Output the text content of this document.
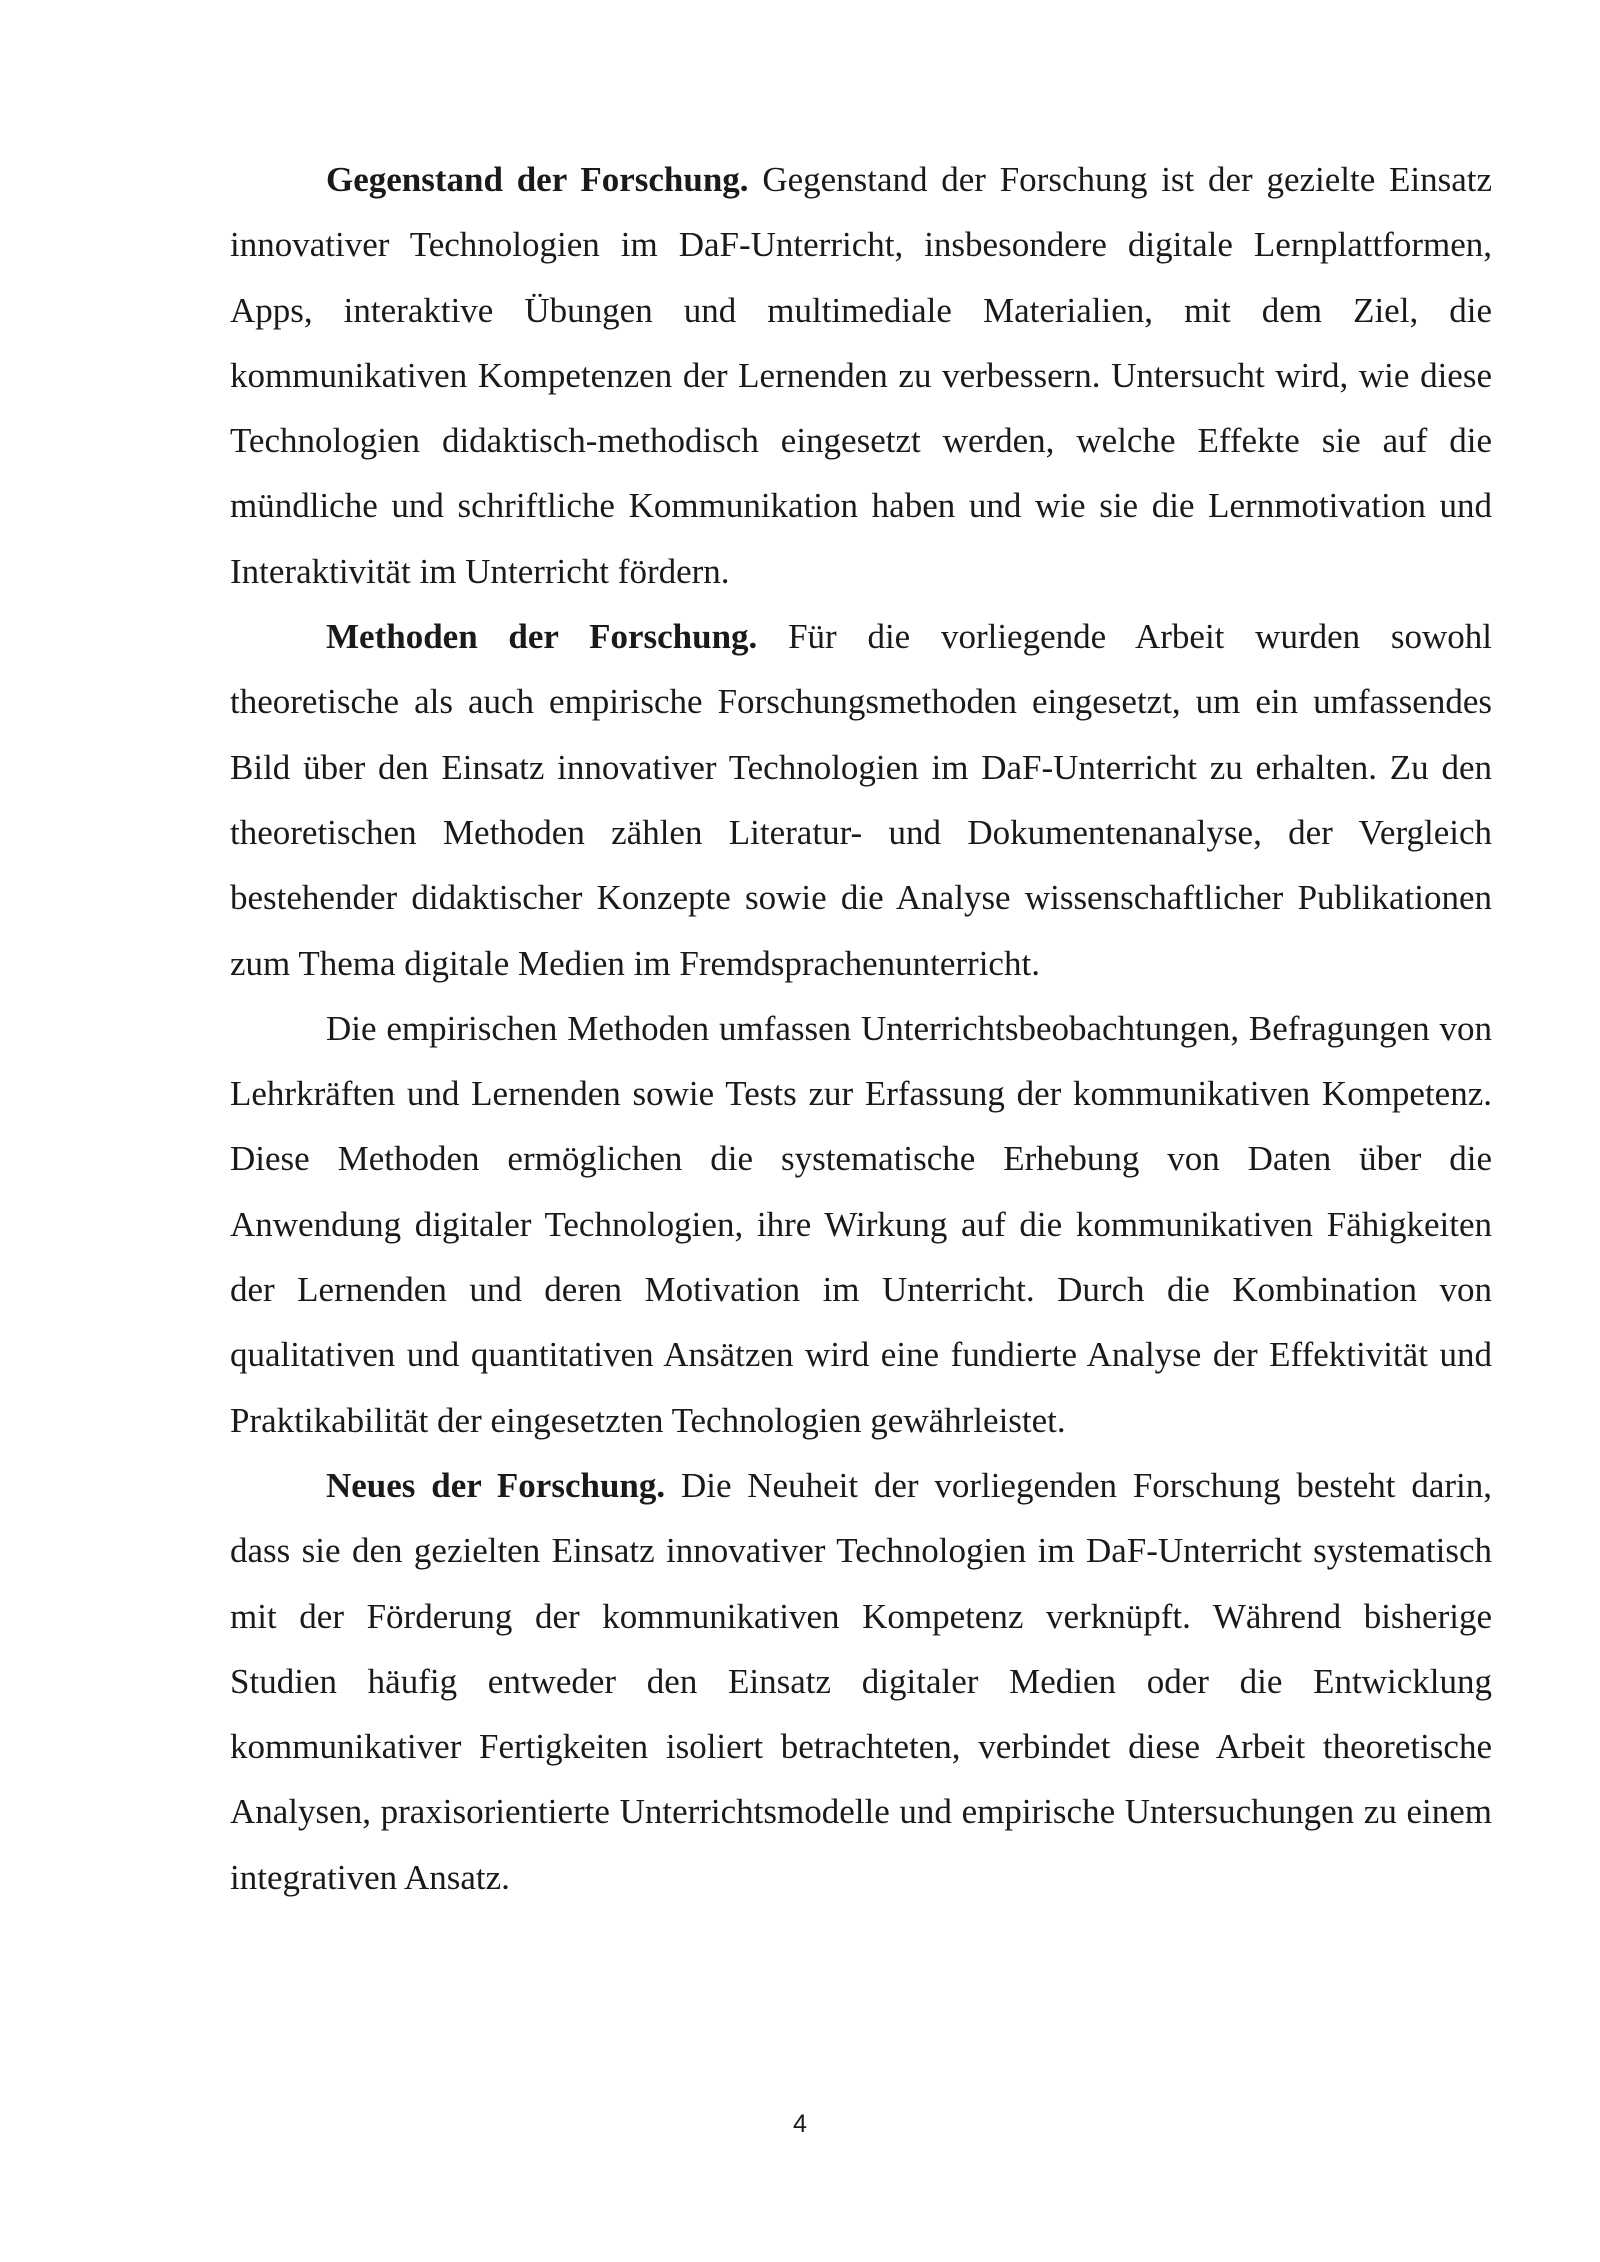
Gegenstand der Forschung. Gegenstand der Forschung ist der gezielte Einsatz innovativer Technologien im DaF-Unterricht, insbesondere digitale Lernplattformen, Apps, interaktive Übungen und multimediale Materialien, mit dem Ziel, die kommunikativen Kompetenzen der Lernenden zu verbessern. Untersucht wird, wie diese Technologien didaktisch-methodisch eingesetzt werden, welche Effekte sie auf die mündliche und schriftliche Kommunikation haben und wie sie die Lernmotivation und Interaktivität im Unterricht fördern.

Methoden der Forschung. Für die vorliegende Arbeit wurden sowohl theoretische als auch empirische Forschungsmethoden eingesetzt, um ein umfassendes Bild über den Einsatz innovativer Technologien im DaF-Unterricht zu erhalten. Zu den theoretischen Methoden zählen Literatur- und Dokumentenanalyse, der Vergleich bestehender didaktischer Konzepte sowie die Analyse wissenschaftlicher Publikationen zum Thema digitale Medien im Fremdsprachenunterricht.

Die empirischen Methoden umfassen Unterrichtsbeobachtungen, Befragungen von Lehrkräften und Lernenden sowie Tests zur Erfassung der kommunikativen Kompetenz. Diese Methoden ermöglichen die systematische Erhebung von Daten über die Anwendung digitaler Technologien, ihre Wirkung auf die kommunikativen Fähigkeiten der Lernenden und deren Motivation im Unterricht. Durch die Kombination von qualitativen und quantitativen Ansätzen wird eine fundierte Analyse der Effektivität und Praktikabilität der eingesetzten Technologien gewährleistet.

Neues der Forschung. Die Neuheit der vorliegenden Forschung besteht darin, dass sie den gezielten Einsatz innovativer Technologien im DaF-Unterricht systematisch mit der Förderung der kommunikativen Kompetenz verknüpft. Während bisherige Studien häufig entweder den Einsatz digitaler Medien oder die Entwicklung kommunikativer Fertigkeiten isoliert betrachteten, verbindet diese Arbeit theoretische Analysen, praxisorientierte Unterrichtsmodelle und empirische Untersuchungen zu einem integrativen Ansatz.

4
